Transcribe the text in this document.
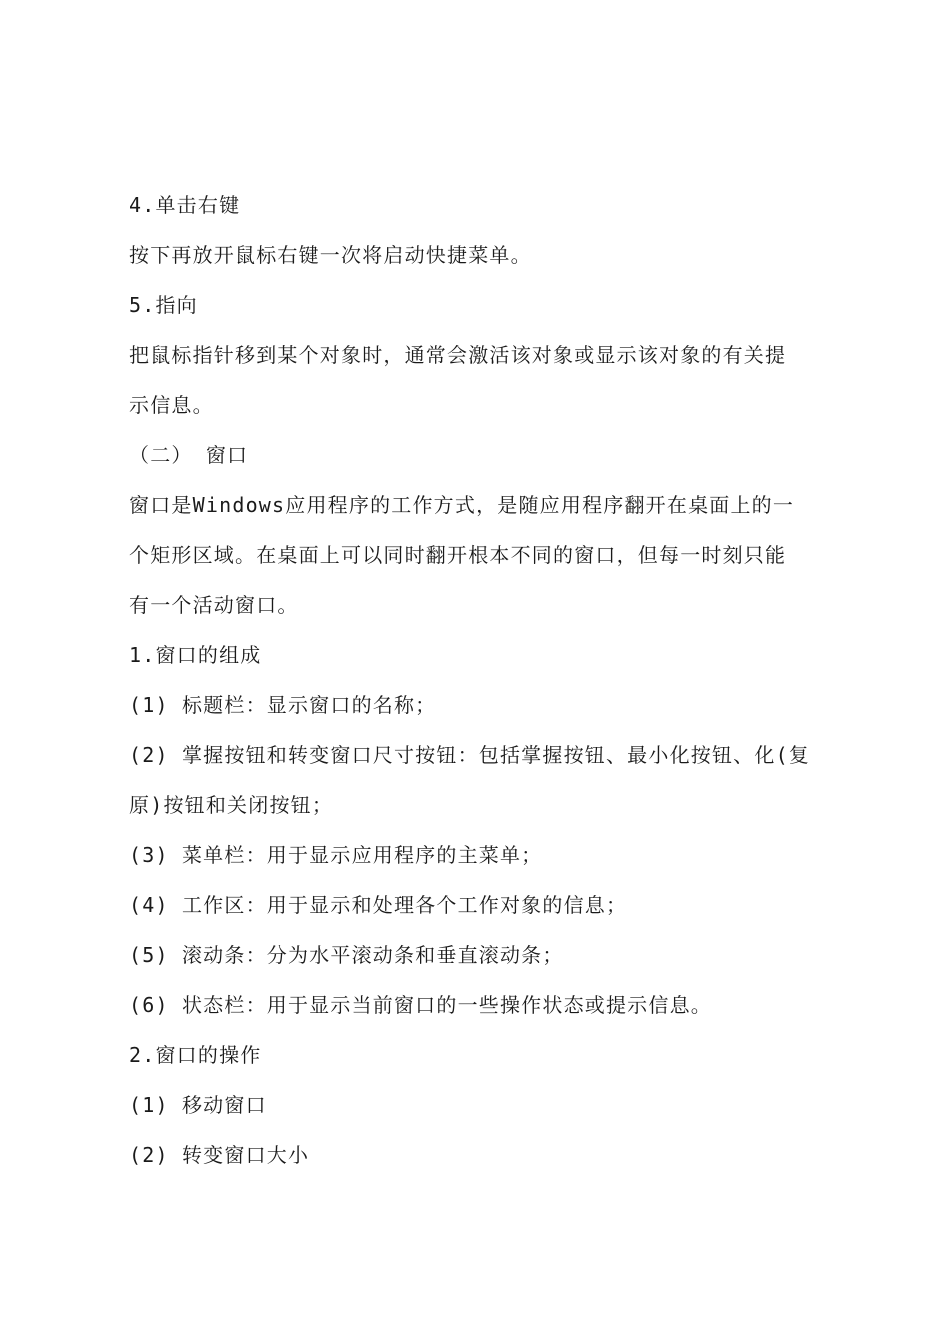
4.单击右键
按下再放开鼠标右键一次将启动快捷菜单。
5.指向
把鼠标指针移到某个对象时，通常会激活该对象或显示该对象的有关提
示信息。
（二） 窗口
窗口是Windows应用程序的工作方式，是随应用程序翻开在桌面上的一
个矩形区域。在桌面上可以同时翻开根本不同的窗口，但每一时刻只能
有一个活动窗口。
1.窗口的组成
(1) 标题栏：显示窗口的名称；
(2) 掌握按钮和转变窗口尺寸按钮：包括掌握按钮、最小化按钮、化(复
原)按钮和关闭按钮；
(3) 菜单栏：用于显示应用程序的主菜单；
(4) 工作区：用于显示和处理各个工作对象的信息；
(5) 滚动条：分为水平滚动条和垂直滚动条；
(6) 状态栏：用于显示当前窗口的一些操作状态或提示信息。
2.窗口的操作
(1) 移动窗口
(2) 转变窗口大小
